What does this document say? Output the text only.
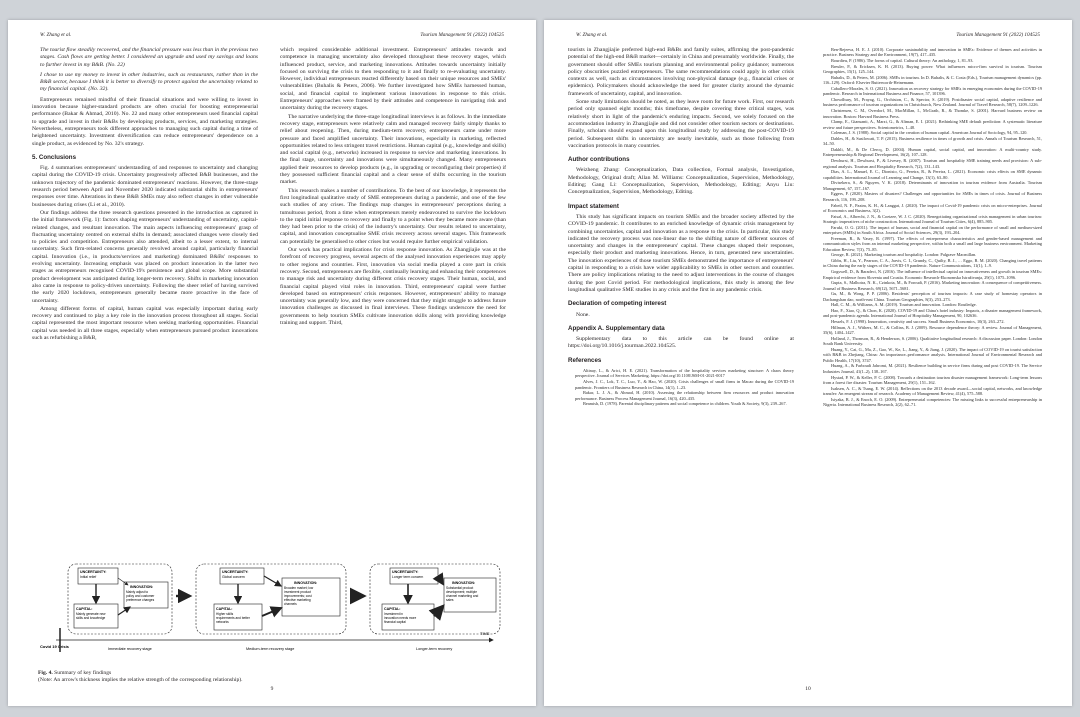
W. Zhang et al.	Tourism Management 91 (2022) 104525

The tourist flow steadily recovered, and the financial pressure was less than in the previous two stages. Cash flows are getting better. I considered an upgrade and used my savings and loans to further invest in my B&B. (No. 22)

I chose to use my money to invest in other industries, such as restaurants, rather than in the B&B sector, because I think it is better to diversify to protect against the uncertainty related to my financial capital. (No. 32).

Entrepreneurs remained mindful of their financial situations and were willing to invest in innovation because higher-standard products are often crucial for boosting entrepreneurial performance (Bakar & Ahmad, 2010). No. 22 and many other entrepreneurs used financial capital to upgrade and invest in their B&Bs by developing products, services, and marketing strategies. Nevertheless, entrepreneurs took different approaches to managing such capital during a time of heightened uncertainty. Investment diversification can reduce entrepreneurs' dependence on a single product, as evidenced by No. 32's strategy.

5. Conclusions

Fig. 4 summarises entrepreneurs' understanding of and responses to uncertainty and changing capital during the COVID-19 crisis. Uncertainty progressively affected B&B businesses, and the unknown trajectory of the pandemic dominated entrepreneurs' reactions. However, the three-stage research period between April and November 2020 indicated substantial shifts in entrepreneurs' responses over time. Alterations in these B&B SMEs may also reflect changes in other vulnerable businesses during crises (Li et al., 2010).

Our findings address the three research questions presented in the introduction as captured in the initial framework (Fig. 1): factors shaping entrepreneurs' understanding of uncertainty, capital-related changes, and resultant innovation. The main aspects influencing entrepreneurs' grasp of fluctuating uncertainty centred on external shifts in demand; associated changes were closely tied to policies and competition. Entrepreneurs also attended, albeit to a lesser extent, to internal uncertainty. Such firm-related concerns generally revolved around capital, particularly financial capital. Innovation (i.e., in products/services and marketing) dominated B&Bs' responses to evolving uncertainty. Increasing emphasis was placed on product innovation in the latter two stages as entrepreneurs recognised COVID-19's persistence and global scope. More substantial product development was anticipated during longer-term recovery. Shifts in marketing innovation also came in response to policy-driven uncertainty. Following the sheer relief of having survived the early 2020 lockdown, entrepreneurs generally became more proactive in the face of uncertainty.

Among different forms of capital, human capital was especially important during early recovery and continued to play a key role in the innovation process throughout all stages. Social capital represented the most important resource when seeking marketing opportunities. Financial capital was needed in all three stages, especially when entrepreneurs pursued product innovations such as refurbishing a B&B,

which required considerable additional investment. Entrepreneurs' attitudes towards and competence in managing uncertainty also developed throughout these recovery stages, which influenced product, service, and marketing innovations. Attitudes towards uncertainty initially focused on surviving the crisis to then responding to it and finally to re-evaluating uncertainty. However, individual entrepreneurs reacted differently based on their unique resources and SMEs' vulnerabilities (Buhalis & Peters, 2006). We further investigated how SMEs harnessed human, social, and financial capital to implement various innovations in response to this crisis. Entrepreneurs' approaches were framed by their attitudes and competence in navigating risk and uncertainty during the recovery stages.

The narrative underlying the three-stage longitudinal interviews is as follows. In the immediate recovery stage, entrepreneurs were relatively calm and managed recovery fairly simply thanks to relief about reopening. Then, during medium-term recovery, entrepreneurs came under more pressure and faced amplified uncertainty. Their innovations, especially in marketing, reflected opportunities related to less stringent travel restrictions. Human capital (e.g., knowledge and skills) and social capital (e.g., networks) increased in response to service and marketing innovations. In the final stage, uncertainty and innovations were simultaneously changed. Many entrepreneurs applied their resources to develop products (e.g., in upgrading or reconfiguring their properties) if they possessed sufficient financial capital and a clear sense of shifts occurring in the tourism market.

This research makes a number of contributions. To the best of our knowledge, it represents the first longitudinal qualitative study of SME entrepreneurs during a pandemic, and one of the few such studies of any crises. The findings map changes in entrepreneurs' perceptions during a tumultuous period, from a time when entrepreneurs merely endeavoured to survive the lockdown to the rapid initial response to recovery and finally to a point when they became more aware (than they had been prior to the crisis) of the industry's uncertainty. Our results related to uncertainty, capital, and innovation conceptualise SME crisis recovery across several stages. This framework can potentially be generalised to other crises but would require further empirical validation.

Our work has practical implications for crisis response innovation. As Zhangjiajie was at the forefront of recovery progress, several aspects of the analysed innovation experiences may apply to other regions and countries. First, innovation via social media played a core part in crisis recovery. Second, entrepreneurs are flexible, continually learning and enhancing their competences to manage risk and uncertainty during different crisis recovery stages. Their human, social, and financial capital played vital roles in innovation. Third, entrepreneurs' capital were further developed based on entrepreneurs' crisis responses. However, entrepreneurs' ability to manage uncertainty was generally low, and they were concerned that they might struggle to address future innovation challenges as discussed in final interviews. These findings underscore the need for governments to help tourism SMEs cultivate innovation skills along with providing knowledge training and support. Third,

TIME
Covid 19 Crisis
UNCERTAINTY:
Initial relief
INNOVATION:
Mainly adjust to
policy and customer
preference changes
CAPITAL:
Mainly generate new
skills and knowledge
Immediate recovery stage
UNCERTAINTY:
Global concern
INNOVATION:
Broaden market; low
investment product
improvements; cost
effective marketing
channels
CAPITAL:
Higher skills
requirements and better
networks
Medium-term recovery stage
UNCERTAINTY:
Longer term concern
INNOVATION:
Substantial product
development; multiple
channel marketing and
sales
CAPITAL:
Investment in
innovation needs more
financial capital
Longer-term recovery
Fig. 4. Summary of key findings
(Note: An arrow's thickness implies the relative strength of the corresponding relationship).
9
W. Zhang et al.	Tourism Management 91 (2022) 104525

tourists in Zhangjiajie preferred high-end B&Bs and family suites, affirming the post-pandemic potential of the high-end B&B market—certainly in China and presumably worldwide. Finally, the government should offer SMEs tourism planning and environmental policy guidance; numerous policy obscurities puzzled entrepreneurs. The same recommendations could apply in other crisis contexts as well, such as circumstances involving non-physical damage (e.g., financial crises or epidemics). Policymakers should acknowledge the need for greater clarity around the dynamic framework of uncertainty, capital, and innovation.

Some study limitations should be noted, as they leave room for future work. First, our research period only spanned eight months; this timeframe, despite covering three critical stages, was relatively short in light of the pandemic's enduring impacts. Second, we solely focused on the accommodation industry in Zhangjiajie and did not consider other tourism sectors or destinations. Finally, scholars should expand upon this longitudinal study by addressing the post-COVID-19 period. Subsequent shifts in uncertainty are nearly inevitable, such as those following from vaccination protocols in many countries.

Author contributions

Weizheng Zhang: Conceptualization, Data collection, Formal analysis, Investigation, Methodology, Original draft; Allan M. Williams: Conceptualization, Supervision, Methodology, Editing; Gang Li: Conceptualization, Supervision, Methodology, Editing; Anyu Liu: Conceptualization, Supervision, Methodology, Editing.

Impact statement

This study has significant impacts on tourism SMEs and the broader society affected by the COVID-19 pandemic. It contributes to an enriched knowledge of dynamic crisis management by combining uncertainties, capital and innovation as a response to the crisis. In particular, this study indicated the recovery process was non-linear due to the shifting nature of different sources of uncertainty and changes in the entrepreneurs' capital. These changes shaped their responses, especially their product and marketing innovations. Hence, in turn, generated new uncertainties. The innovation experiences of those tourism SMEs demonstrated the importance of entrepreneurs' capital in responding to a crisis have wider applicability to SMEs in other sectors and countries. There are policy implications relating to the need to adjust interventions in the course of changes during the post Covid period. For methodological implications, this study is among the few longitudinal qualitative SME studies in any crisis and the first in any pandemic crisis.

Declaration of competing interest

None.

Appendix A. Supplementary data

Supplementary data to this article can be found online at https://doi.org/10.1016/j.tourman.2022.104525.

References

Altinay, L., & Arici, H. E. (2021). Transformation of the hospitality services marketing structure: A chaos theory perspective. Journal of Services Marketing. https://doi.org/10.1108/JSM-01-2021-0017

Alves, J. C., Lok, T. C., Luo, Y., & Hao, W. (2020). Crisis challenges of small firms in Macao during the COVID-19 pandemic. Frontiers of Business Research in China, 14(1), 1–23.

Bakar, L. J. A., & Ahmad, H. (2010). Assessing the relationship between firm resources and product innovation performance. Business Process Management Journal, 16(3), 420–435.

Beamish, D. (1978). Parental disciplinary patterns and social competence in children. Youth & Society, 9(3), 239–267.

Ben-Rejeeva, H. E. J. (2010). Corporate sustainability and innovation in SMEs: Evidence of themes and activities in practice. Business Strategy and the Environment, 19(7), 417–435.

Bourdieu, P. (1986). The forms of capital. Cultural theory: An anthology, 1, 81–93.

Breuler, P., & Ericksen, K. H. (2013). Buying power: What influences micro-firm survival in tourism. Tourism Geographies, 15(1), 125–144.

Buhalis, D., & Peters, M. (2006). SMEs in tourism. In D. Buhalis, & C. Costa (Eds.), Tourism management dynamics (pp. 116–129). Oxford: Elsevier Butterworth-Heinemann.

Caballero-Morales, S. O. (2021). Innovation as recovery strategy for SMEs in emerging economies during the COVID-19 pandemic. Research in International Business and Finance, 57, 101396.

Chowdhury, M., Prayag, G., Orchiston, C., & Spector, S. (2019). Postdisaster social capital, adaptive resilience and business performance of tourism organizations in Christchurch, New Zealand. Journal of Travel Research, 58(7), 1209–1226.

Christensen, C. M., Overdorf, M., MacMillan, I., McGrath, R., & Thomke, S. (2001). Harvard business review on innovation. Boston: Harvard Business Press.

Clamp, E., Giansanti, A., Marzi, G., & Altman, E. I. (2021). Rethinking SME default prediction: A systematic literature review and future perspectives. Scientometrics, 1–48.

Coleman, J. S. (1988). Social capital in the creation of human capital. American Journal of Sociology, 94, 95–120.

Dahles, H., & Susilowati, T. P. (2015). Business resilience in times of growth and crisis. Annals of Tourism Research, 51, 34–50.

Dakhli, M., & De Clercq, D. (2004). Human capital, social capital, and innovation: A multi-country study. Entrepreneurship & Regional Development, 16(2), 107–128.

Dewhurst, H., Dewhurst, P., & Livesey, R. (2007). Tourism and hospitality SME training needs and provision: A sub-regional analysis. Tourism and Hospitality Research, 7(2), 131–143.

Dias, A. L., Manuel, E. C., Dionisio, G., Pereira, R., & Pereira, L. (2021). Economic crisis effects on SME dynamic capabilities. International Journal of Learning and Change, 13(1), 63–80.

Divisekera, S., & Nguyen, V. K. (2018). Determinants of innovation in tourism evidence from Australia. Tourism Management, 67, 157–167.

Eggers, F. (2020). Masters of disasters? Challenges and opportunities for SMEs in times of crisis. Journal of Business Research, 116, 199–208.

Fabeil, N. F., Pazim, K. H., & Langgat, J. (2020). The impact of Covid-19 pandemic crisis on micro-enterprises. Journal of Economics and Business, 3(2).

Faisal, A., Albrecht, J. N., & Coetzee, W. J. C. (2020). Renegotiating organizational crisis management in urban tourism: Strategic imperatives of niche construction. International Journal of Tourism Cities, 6(4), 885–905.

Faruki, O. G. (2011). The impact of human, social and financial capital on the performance of small and medium-sized enterprises (SMEs) in South Africa. Journal of Social Sciences, 29(3), 193–204.

Freeman, R., & Vasey, R. (1997). The effects of entrepreneur characteristics and gender-based management and communication styles from an internal marketing perspective, within both a small and large business environment. Marketing Education Review, 7(3), 75–85.

George, R. (2021). Marketing tourism and hospitality. London: Palgrave Macmillan.

Gibbs, H., Liu, Y., Pearson, C. A., Jarvis, C. I., Grundy, C., Quilty, B. J., … Eggo, R. M. (2020). Changing travel patterns in China during the early stages of the COVID-19 pandemic. Nature Communications, 11(1), 1–9.

Gogswell, D., & Baradeci, N. (2016). The influence of intellectual capital on innovativeness and growth in tourism SMEs: Empirical evidence from Slovenia and Croatia. Economic Research-Ekonomska Istraživanja, 29(1), 1075–1096.

Gupta, S., Malhotra, N. K., Czinkota, M., & Foroudi, P. (2016). Marketing innovation: A consequence of competitiveness. Journal of Business Research, 69(12), 5671–5681.

Gu, M., & Wong, P. P. (2006). Residents' perception of tourism impacts: A case study of homestay operators in Dachangshan dao, north-east China. Tourism Geographies, 8(3), 253–273.

Hall, C. M., & Williams, A. M. (2019). Tourism and innovation. London: Routledge.

Hao, F., Xiao, Q., & Chon, K. (2020). COVID-19 and China's hotel industry: Impacts, a disaster management framework, and post-pandemic agenda. International Journal of Hospitality Management, 90, 102636.

Hessels, F. J. (1998). Innovation, creativity and success. Small Business Economics, 10(3), 263–272.

Hillman, A. J., Withers, M. C., & Collins, B. J. (2009). Resource dependence theory: A review. Journal of Management, 35(6), 1404–1427.

Holland, J., Thomson, R., & Henderson, S. (2006). Qualitative longitudinal research: A discussion paper. London: London South Bank University.

Huang, Y., Cai, G., Ma, Z., Gao, W., Ke, L., Jiang, Y., & Jiang, J. (2020). The impact of COVID-19 on tourist satisfaction with B&B in Zhejiang, China: An importance–performance analysis. International Journal of Environmental Research and Public Health, 17(10), 3747.

Huang, A., & Farboudi Jahromi, M. (2021). Resilience building in service firms during and post COVID-19. The Service Industries Journal, 41(1–2), 138–167.

Hystad, P. W., & Keller, P. C. (2008). Towards a destination tourism disaster management framework: Long-term lessons from a forest fire disaster. Tourism Management, 29(1), 151–162.

Isaksen, A. C., & Tsang, E. W. (2014). Reflections on the 2013 decade award—social capital, networks, and knowledge transfer: An emergent stream of research. Academy of Management Review, 41(4), 575–588.

Isiyaka, B. J., & Enoch, E. O. (2009). Entrepreneurial competencies: The missing links to successful entrepreneurship in Nigeria. International Business Research, 2(2), 62–71.

10
